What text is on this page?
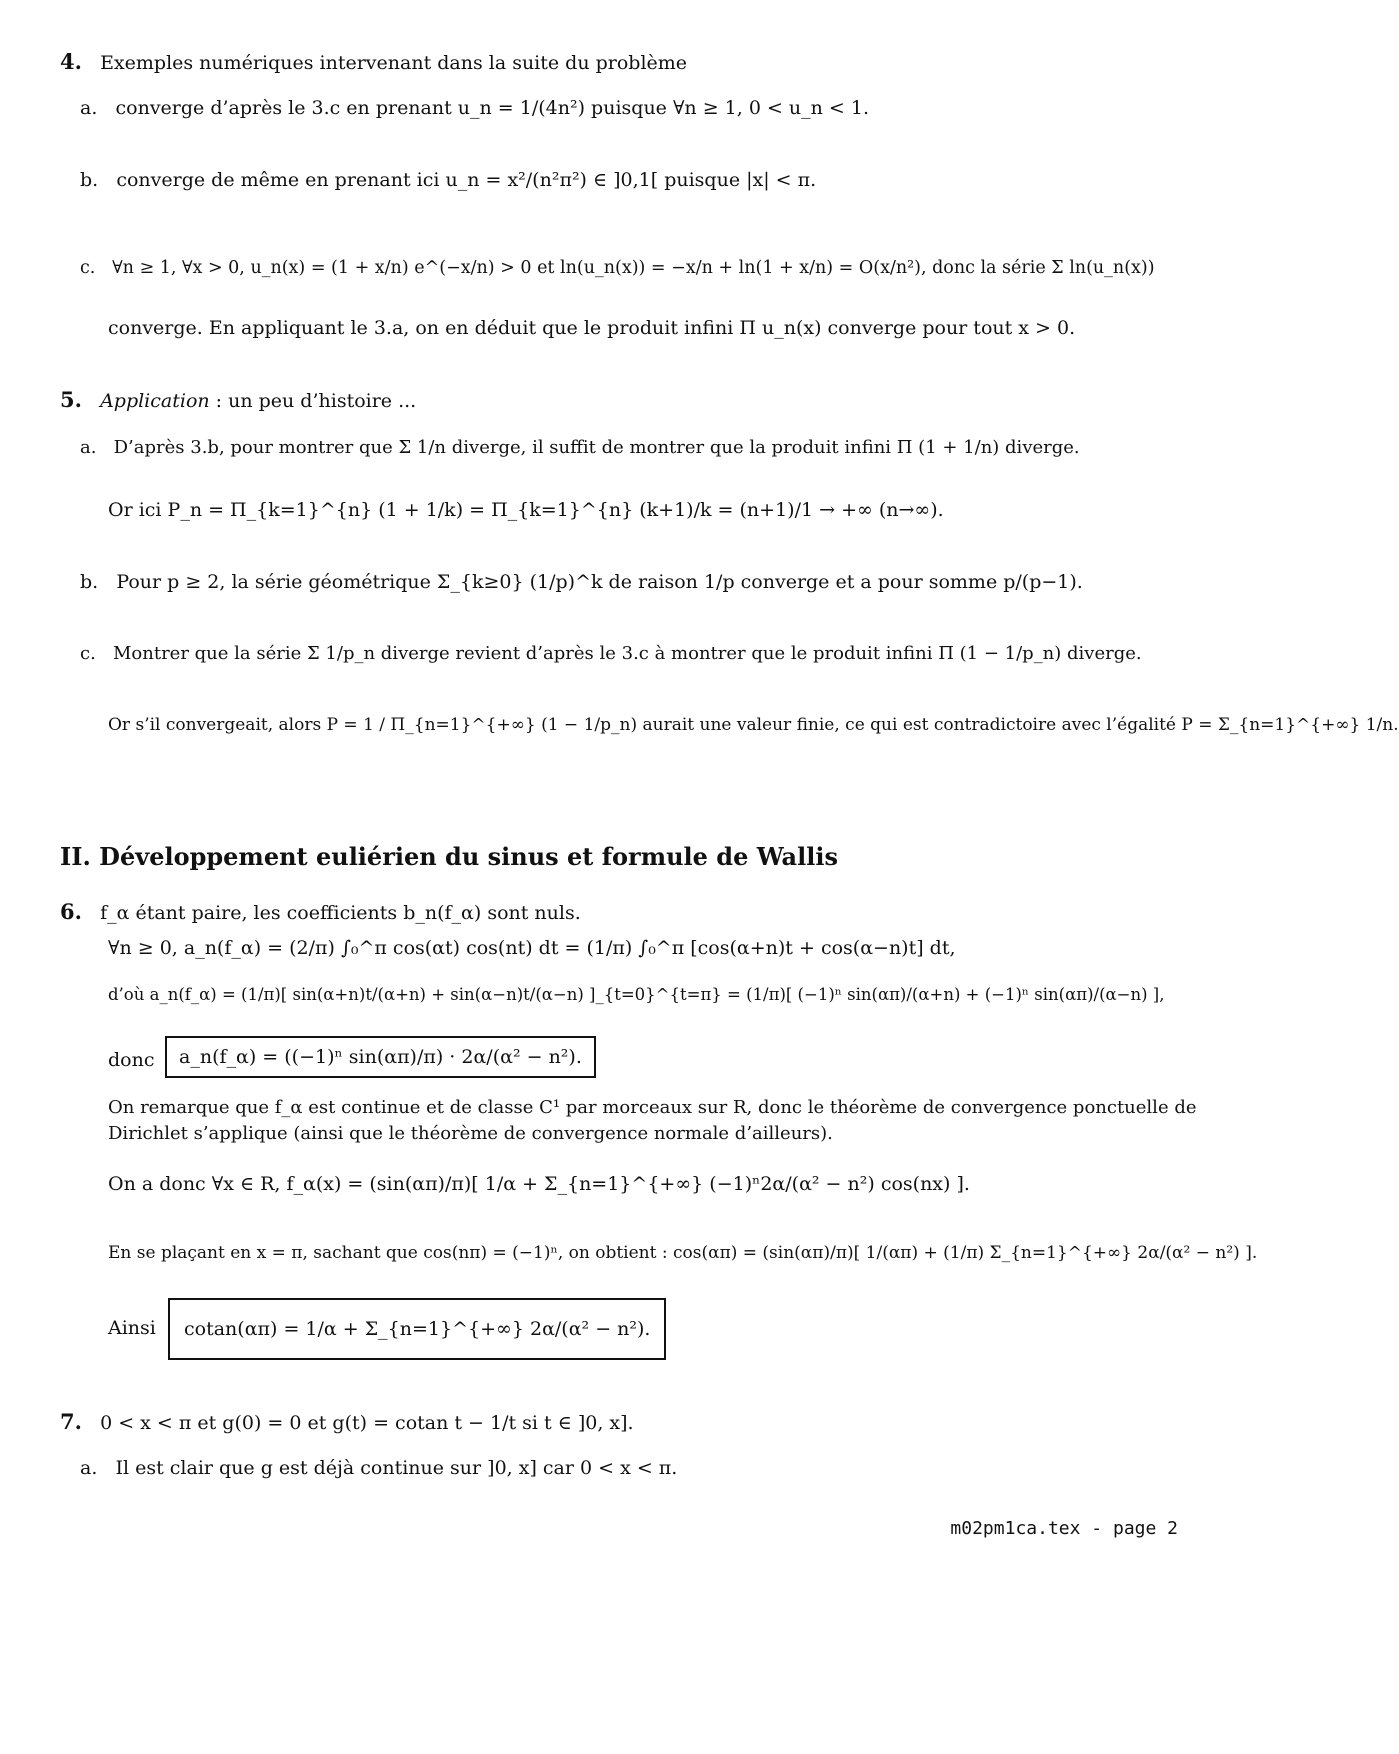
4. Exemples numériques intervenant dans la suite du problème
a. converge d’après le 3.c en prenant u_n = 1/(4n²) puisque ∀n ≥ 1, 0 < u_n < 1.
b. converge de même en prenant ici u_n = x²/(n²π²) ∈ ]0,1[ puisque |x| < π.
c. ∀n ≥ 1, ∀x > 0, u_n(x) = (1 + x/n) e^(−x/n) > 0 et ln(u_n(x)) = −x/n + ln(1 + x/n) = O(x/n²), donc la série Σ ln(u_n(x))
converge. En appliquant le 3.a, on en déduit que le produit infini Π u_n(x) converge pour tout x > 0.
5. Application : un peu d’histoire ...
a. D’après 3.b, pour montrer que Σ 1/n diverge, il suffit de montrer que la produit infini Π (1 + 1/n) diverge.
Or ici P_n = Π_{k=1}^{n} (1 + 1/k) = Π_{k=1}^{n} (k+1)/k = (n+1)/1 → +∞ (n→∞).
b. Pour p ≥ 2, la série géométrique Σ_{k≥0} (1/p)^k de raison 1/p converge et a pour somme p/(p−1).
c. Montrer que la série Σ 1/p_n diverge revient d’après le 3.c à montrer que le produit infini Π (1 − 1/p_n) diverge.
Or s’il convergeait, alors P = 1 / Π_{n=1}^{+∞} (1 − 1/p_n) aurait une valeur finie, ce qui est contradictoire avec l’égalité P = Σ_{n=1}^{+∞} 1/n.
II. Développement euliérien du sinus et formule de Wallis
6. f_α étant paire, les coefficients b_n(f_α) sont nuls.
∀n ≥ 0, a_n(f_α) = (2/π) ∫₀^π cos(αt) cos(nt) dt = (1/π) ∫₀^π [cos(α+n)t + cos(α−n)t] dt,
d’où a_n(f_α) = (1/π)[ sin(α+n)t/(α+n) + sin(α−n)t/(α−n) ]_{t=0}^{t=π} = (1/π)[ (−1)ⁿ sin(απ)/(α+n) + (−1)ⁿ sin(απ)/(α−n) ],
donc	a_n(f_α) = ((−1)ⁿ sin(απ)/π) · 2α/(α² − n²).
On remarque que f_α est continue et de classe C¹ par morceaux sur R, donc le théorème de convergence ponctuelle de
Dirichlet s’applique (ainsi que le théorème de convergence normale d’ailleurs).
On a donc ∀x ∈ R, f_α(x) = (sin(απ)/π)[ 1/α + Σ_{n=1}^{+∞} (−1)ⁿ2α/(α² − n²) cos(nx) ].
En se plaçant en x = π, sachant que cos(nπ) = (−1)ⁿ, on obtient : cos(απ) = (sin(απ)/π)[ 1/(απ) + (1/π) Σ_{n=1}^{+∞} 2α/(α² − n²) ].
Ainsi	cotan(απ) = 1/α + Σ_{n=1}^{+∞} 2α/(α² − n²).
7. 0 < x < π et g(0) = 0 et g(t) = cotan t − 1/t si t ∈ ]0, x].
a. Il est clair que g est déjà continue sur ]0, x] car 0 < x < π.
m02pm1ca.tex - page 2
